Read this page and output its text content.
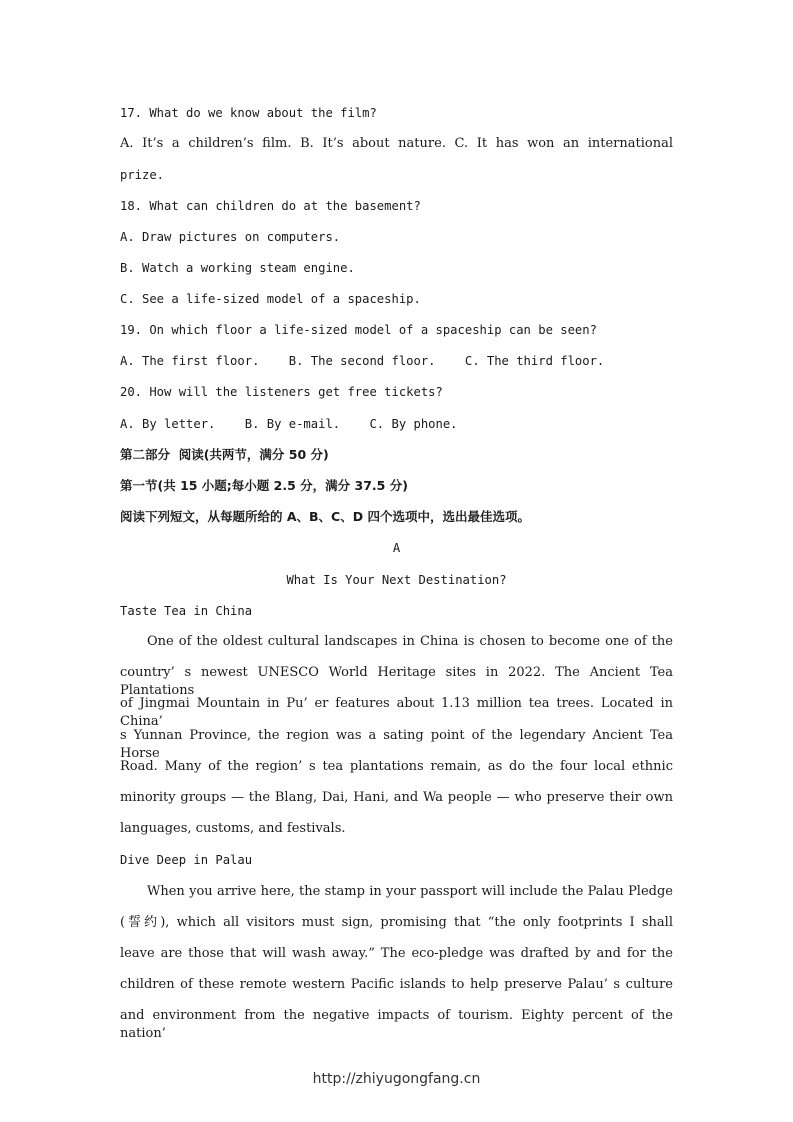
17. What do we know about the film?
A. It’s a children’s film. B. It’s about nature. C. It has won an international
prize.
18. What can children do at the basement?
A. Draw pictures on computers.
B. Watch a working steam engine.
C. See a life-sized model of a spaceship.
19. On which floor a life-sized model of a spaceship can be seen?
A. The first floor.    B. The second floor.    C. The third floor.
20. How will the listeners get free tickets?
A. By letter.    B. By e-mail.    C. By phone.
第二部分  阅读(共两节，满分 50 分)
第一节(共 15 小题;每小题 2.5 分，满分 37.5 分)
阅读下列短文，从每题所给的 A、B、C、D 四个选项中，选出最佳选项。
A
What Is Your Next Destination?
Taste Tea in China
One of the oldest cultural landscapes in China is chosen to become one of the
country’ s newest UNESCO World Heritage sites in 2022. The Ancient Tea Plantations
of Jingmai Mountain in Pu’ er features about 1.13 million tea trees. Located in China’
s Yunnan Province, the region was a sating point of the legendary Ancient Tea Horse
Road. Many of the region’ s tea plantations remain, as do the four local ethnic
minority groups — the Blang, Dai, Hani, and Wa people — who preserve their own
languages, customs, and festivals.
Dive Deep in Palau
When you arrive here, the stamp in your passport will include the Palau Pledge
(誓约), which all visitors must sign, promising that “the only footprints I shall
leave are those that will wash away.” The eco-pledge was drafted by and for the
children of these remote western Pacific islands to help preserve Palau’ s culture
and environment from the negative impacts of tourism. Eighty percent of the nation’
http://zhiyugongfang.cn
